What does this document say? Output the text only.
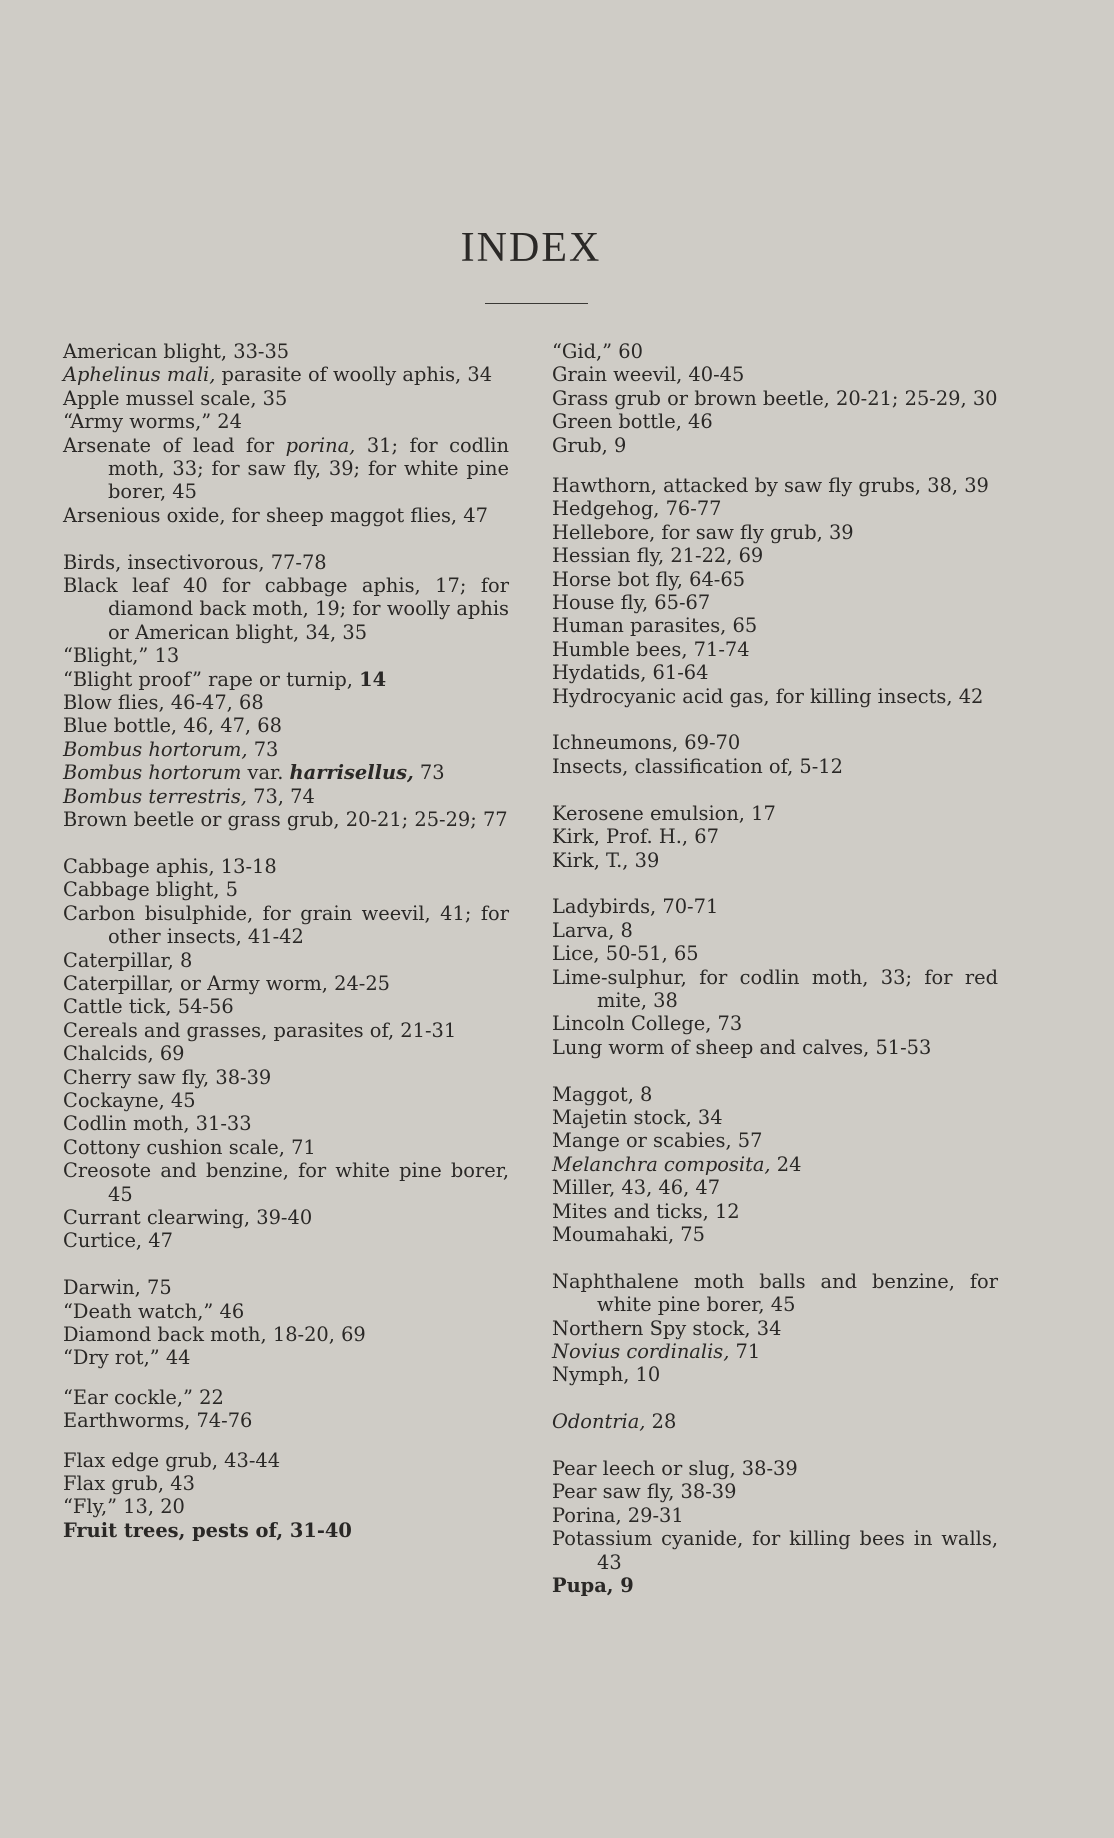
INDEX
American blight, 33-35
Aphelinus mali, parasite of woolly aphis, 34
Apple mussel scale, 35
“Army worms,” 24
Arsenate of lead for porina, 31; for codlin moth, 33; for saw fly, 39; for white pine borer, 45
Arsenious oxide, for sheep maggot flies, 47
Birds, insectivorous, 77-78
Black leaf 40 for cabbage aphis, 17; for diamond back moth, 19; for woolly aphis or American blight, 34, 35
“Blight,” 13
“Blight proof” rape or turnip, 14
Blow flies, 46-47, 68
Blue bottle, 46, 47, 68
Bombus hortorum, 73
Bombus hortorum var. harrisellus, 73
Bombus terrestris, 73, 74
Brown beetle or grass grub, 20-21; 25-29; 77
Cabbage aphis, 13-18
Cabbage blight, 5
Carbon bisulphide, for grain weevil, 41; for other insects, 41-42
Caterpillar, 8
Caterpillar, or Army worm, 24-25
Cattle tick, 54-56
Cereals and grasses, parasites of, 21-31
Chalcids, 69
Cherry saw fly, 38-39
Cockayne, 45
Codlin moth, 31-33
Cottony cushion scale, 71
Creosote and benzine, for white pine borer, 45
Currant clearwing, 39-40
Curtice, 47
Darwin, 75
“Death watch,” 46
Diamond back moth, 18-20, 69
“Dry rot,” 44
“Ear cockle,” 22
Earthworms, 74-76
Flax edge grub, 43-44
Flax grub, 43
“Fly,” 13, 20
Fruit trees, pests of, 31-40
“Gid,” 60
Grain weevil, 40-45
Grass grub or brown beetle, 20-21; 25-29, 30
Green bottle, 46
Grub, 9
Hawthorn, attacked by saw fly grubs, 38, 39
Hedgehog, 76-77
Hellebore, for saw fly grub, 39
Hessian fly, 21-22, 69
Horse bot fly, 64-65
House fly, 65-67
Human parasites, 65
Humble bees, 71-74
Hydatids, 61-64
Hydrocyanic acid gas, for killing insects, 42
Ichneumons, 69-70
Insects, classification of, 5-12
Kerosene emulsion, 17
Kirk, Prof. H., 67
Kirk, T., 39
Ladybirds, 70-71
Larva, 8
Lice, 50-51, 65
Lime-sulphur, for codlin moth, 33; for red mite, 38
Lincoln College, 73
Lung worm of sheep and calves, 51-53
Maggot, 8
Majetin stock, 34
Mange or scabies, 57
Melanchra composita, 24
Miller, 43, 46, 47
Mites and ticks, 12
Moumahaki, 75
Naphthalene moth balls and benzine, for white pine borer, 45
Northern Spy stock, 34
Novius cordinalis, 71
Nymph, 10
Odontria, 28
Pear leech or slug, 38-39
Pear saw fly, 38-39
Porina, 29-31
Potassium cyanide, for killing bees in walls, 43
Pupa, 9
